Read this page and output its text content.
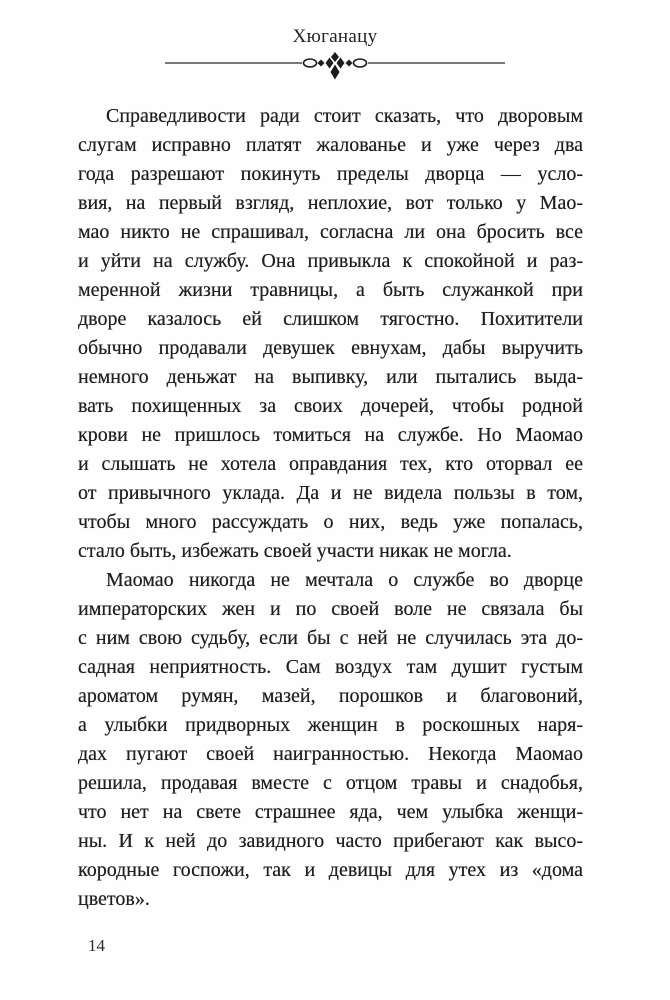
Хюганацу
Справедливости ради стоит сказать, что дворовым
слугам исправно платят жалованье и уже через два
года разрешают покинуть пределы дворца — усло-
вия, на первый взгляд, неплохие, вот только у Мао-
мао никто не спрашивал, согласна ли она бросить все
и уйти на службу. Она привыкла к спокойной и раз-
меренной жизни травницы, а быть служанкой при
дворе казалось ей слишком тягостно. Похитители
обычно продавали девушек евнухам, дабы выручить
немного деньжат на выпивку, или пытались выда-
вать похищенных за своих дочерей, чтобы родной
крови не пришлось томиться на службе. Но Маомао
и слышать не хотела оправдания тех, кто оторвал ее
от привычного уклада. Да и не видела пользы в том,
чтобы много рассуждать о них, ведь уже попалась,
стало быть, избежать своей участи никак не могла.
Маомао никогда не мечтала о службе во дворце
императорских жен и по своей воле не связала бы
с ним свою судьбу, если бы с ней не случилась эта до-
садная неприятность. Сам воздух там душит густым
ароматом румян, мазей, порошков и благовоний,
а улыбки придворных женщин в роскошных наря-
дах пугают своей наигранностью. Некогда Маомао
решила, продавая вместе с отцом травы и снадобья,
что нет на свете страшнее яда, чем улыбка женщи-
ны. И к ней до завидного часто прибегают как высо-
кородные госпожи, так и девицы для утех из «дома
цветов».
14
